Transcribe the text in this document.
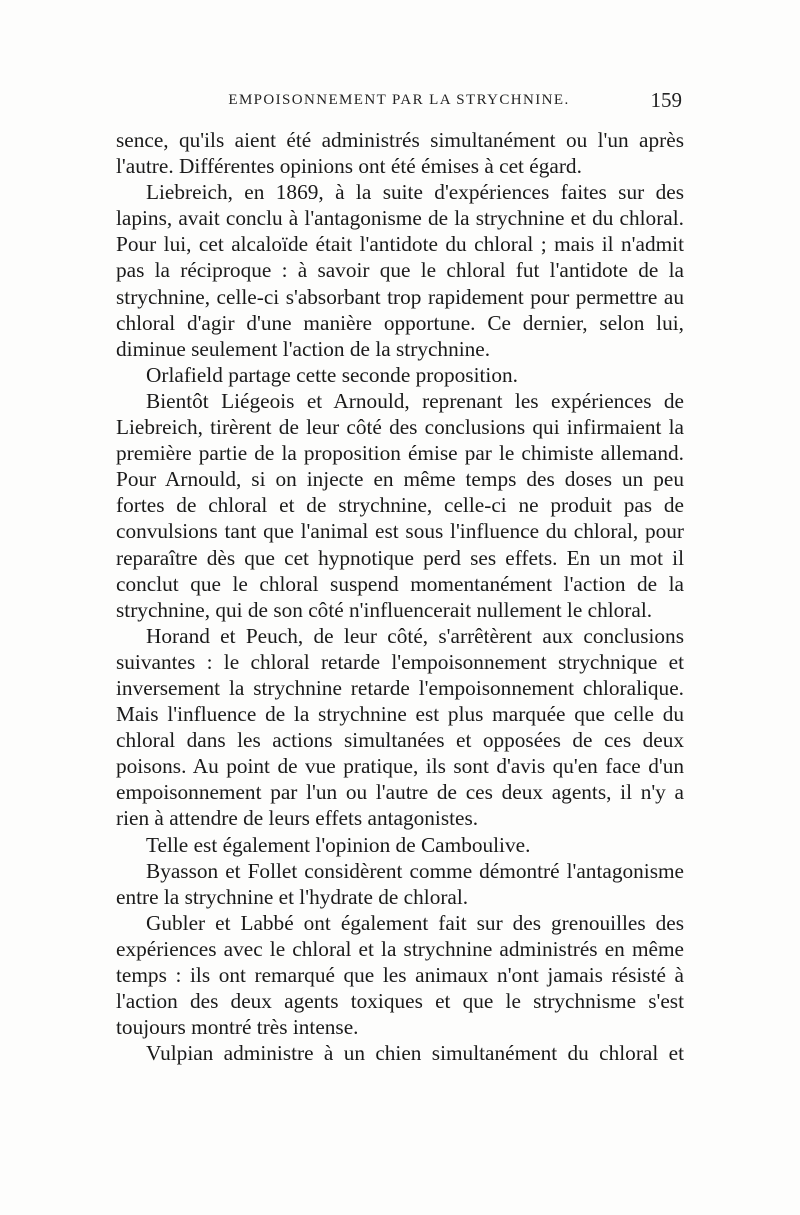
EMPOISONNEMENT PAR LA STRYCHNINE.	159

sence, qu'ils aient été administrés simultanément ou l'un après l'autre. Différentes opinions ont été émises à cet égard.

Liebreich, en 1869, à la suite d'expériences faites sur des lapins, avait conclu à l'antagonisme de la strychnine et du chloral. Pour lui, cet alcaloïde était l'antidote du chloral ; mais il n'admit pas la réciproque : à savoir que le chloral fut l'antidote de la strychnine, celle-ci s'absorbant trop rapidement pour permettre au chloral d'agir d'une manière opportune. Ce dernier, selon lui, diminue seulement l'action de la strychnine.

Orlafield partage cette seconde proposition.

Bientôt Liégeois et Arnould, reprenant les expériences de Liebreich, tirèrent de leur côté des conclusions qui infirmaient la première partie de la proposition émise par le chimiste allemand. Pour Arnould, si on injecte en même temps des doses un peu fortes de chloral et de strychnine, celle-ci ne produit pas de convulsions tant que l'animal est sous l'influence du chloral, pour reparaître dès que cet hypnotique perd ses effets. En un mot il conclut que le chloral suspend momentanément l'action de la strychnine, qui de son côté n'influencerait nullement le chloral.

Horand et Peuch, de leur côté, s'arrêtèrent aux conclusions suivantes : le chloral retarde l'empoisonnement strychnique et inversement la strychnine retarde l'empoisonnement chloralique. Mais l'influence de la strychnine est plus marquée que celle du chloral dans les actions simultanées et opposées de ces deux poisons. Au point de vue pratique, ils sont d'avis qu'en face d'un empoisonnement par l'un ou l'autre de ces deux agents, il n'y a rien à attendre de leurs effets antagonistes.

Telle est également l'opinion de Camboulive.

Byasson et Follet considèrent comme démontré l'antagonisme entre la strychnine et l'hydrate de chloral.

Gubler et Labbé ont également fait sur des grenouilles des expériences avec le chloral et la strychnine administrés en même temps : ils ont remarqué que les animaux n'ont jamais résisté à l'action des deux agents toxiques et que le strychnisme s'est toujours montré très intense.

Vulpian administre à un chien simultanément du chloral et
